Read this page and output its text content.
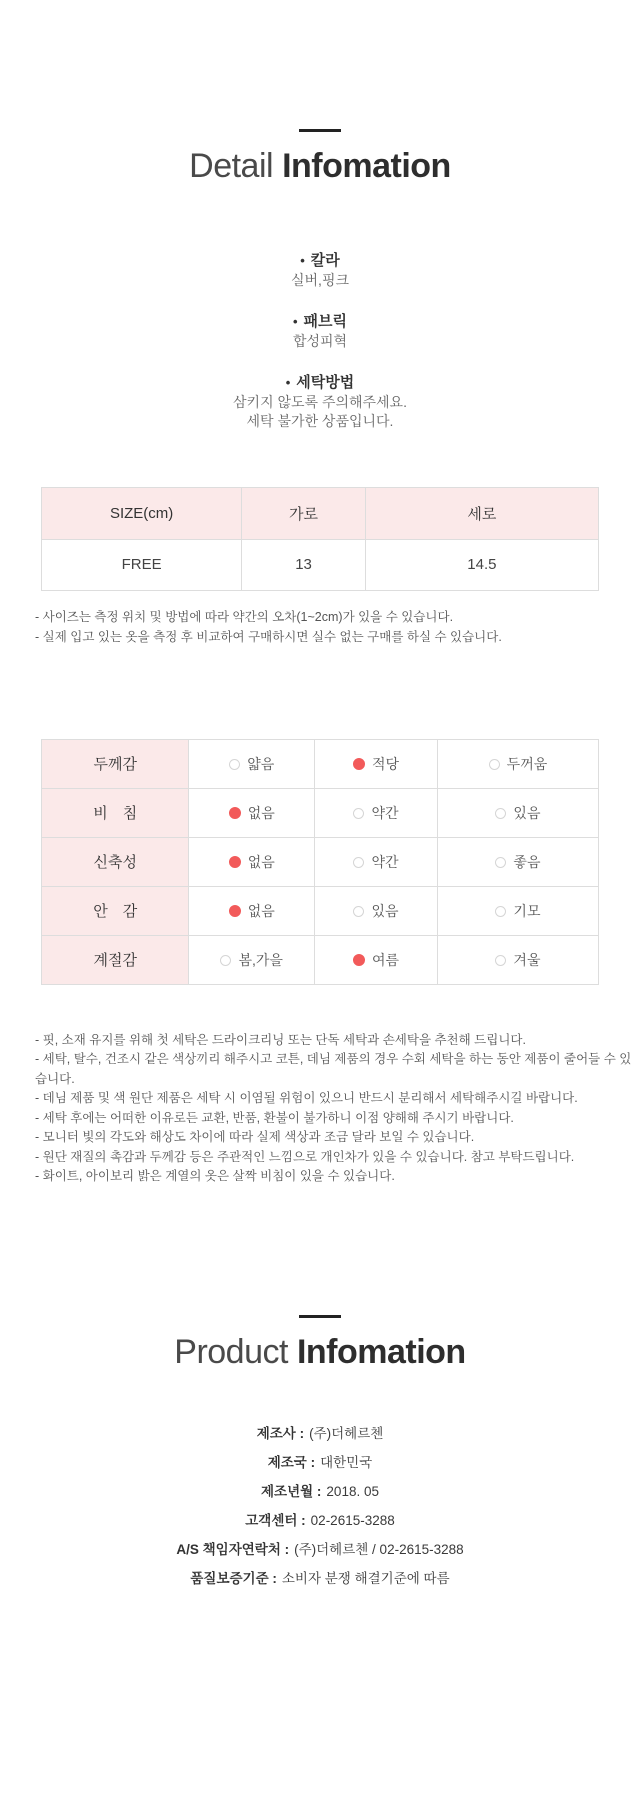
Detail Infomation
• 칼라
실버,핑크
• 패브릭
합성피혁
• 세탁방법
삼키지 않도록 주의해주세요.
세탁 불가한 상품입니다.
SIZE(cm)	가로	세로
FREE	13	14.5
- 사이즈는 측정 위치 및 방법에 따라 약간의 오차(1~2cm)가 있을 수 있습니다.
- 실제 입고 있는 옷을 측정 후 비교하여 구매하시면 실수 없는 구매를 하실 수 있습니다.
두께감	얇음	적당	두꺼움
비　침	없음	약간	있음
신축성	없음	약간	좋음
안　감	없음	있음	기모
계절감	봄,가을	여름	겨울
- 핏, 소재 유지를 위해 첫 세탁은 드라이크리닝 또는 단독 세탁과 손세탁을 추천해 드립니다.
- 세탁, 탈수, 건조시 같은 색상끼리 해주시고 코튼, 데님 제품의 경우 수회 세탁을 하는 동안 제품이 줄어들 수 있습니다.
- 데님 제품 및 색 원단 제품은 세탁 시 이염될 위험이 있으니 반드시 분리해서 세탁해주시길 바랍니다.
- 세탁 후에는 어떠한 이유로든 교환, 반품, 환불이 불가하니 이점 양해해 주시기 바랍니다.
- 모니터 빛의 각도와 해상도 차이에 따라 실제 색상과 조금 달라 보일 수 있습니다.
- 원단 재질의 촉감과 두께감 등은 주관적인 느낌으로 개인차가 있을 수 있습니다. 참고 부탁드립니다.
- 화이트, 아이보리 밝은 계열의 옷은 살짝 비침이 있을 수 있습니다.
Product Infomation
제조사 : (주)더헤르첸
제조국 : 대한민국
제조년월 : 2018. 05
고객센터 : 02-2615-3288
A/S 책임자연락처 : (주)더헤르첸 / 02-2615-3288
품질보증기준 : 소비자 분쟁 해결기준에 따름
